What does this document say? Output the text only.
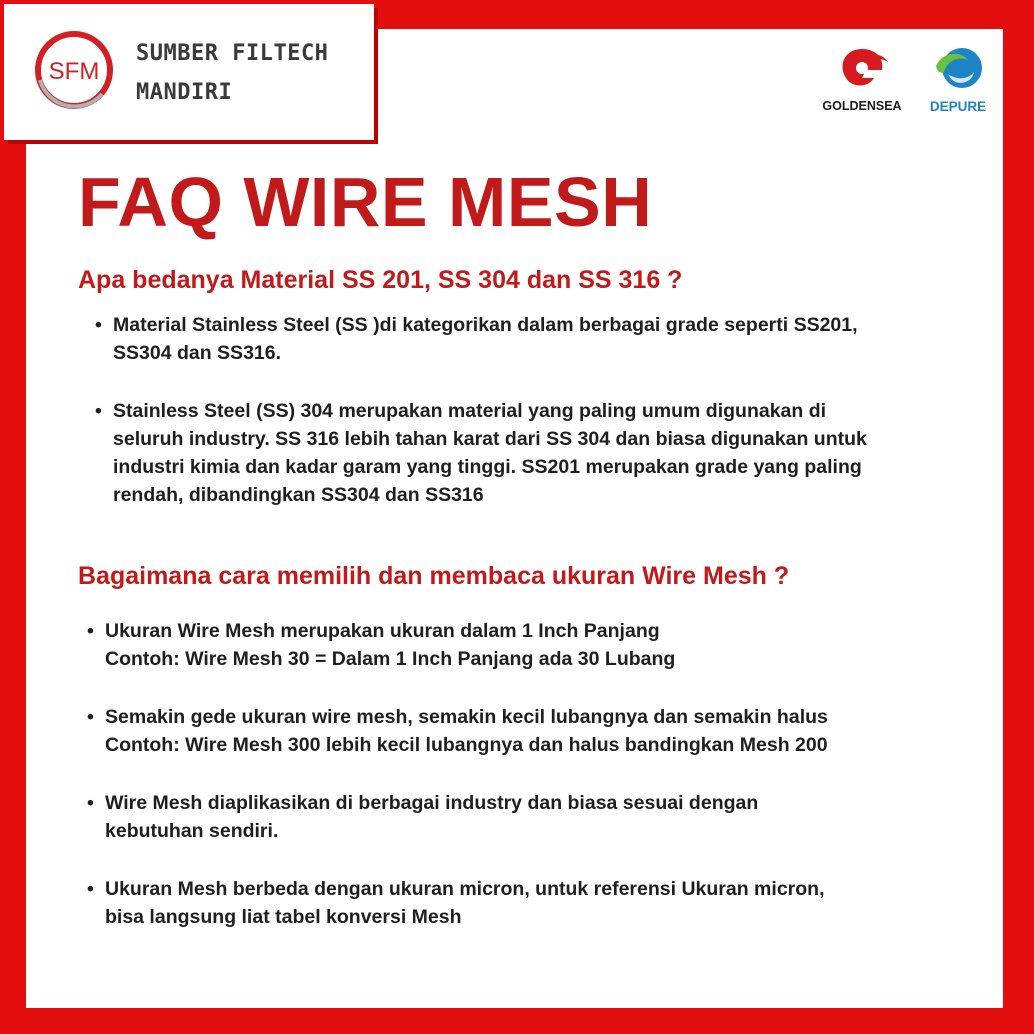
SFM
SUMBER FILTECH
MANDIRI
GOLDENSEA	DEPURE
FAQ WIRE MESH
Apa bedanya Material SS 201, SS 304 dan SS 316 ?
• Material Stainless Steel (SS )di kategorikan dalam berbagai grade seperti SS201,
SS304 dan SS316.
• Stainless Steel (SS) 304 merupakan material yang paling umum digunakan di
seluruh industry. SS 316 lebih tahan karat dari SS 304 dan biasa digunakan untuk
industri kimia dan kadar garam yang tinggi. SS201 merupakan grade yang paling
rendah, dibandingkan SS304 dan SS316
Bagaimana cara memilih dan membaca ukuran Wire Mesh ?
• Ukuran Wire Mesh merupakan ukuran dalam 1 Inch Panjang
Contoh: Wire Mesh 30 = Dalam 1 Inch Panjang ada 30 Lubang
• Semakin gede ukuran wire mesh, semakin kecil lubangnya dan semakin halus
Contoh: Wire Mesh 300 lebih kecil lubangnya dan halus bandingkan Mesh 200
• Wire Mesh diaplikasikan di berbagai industry dan biasa sesuai dengan
kebutuhan sendiri.
• Ukuran Mesh berbeda dengan ukuran micron, untuk referensi Ukuran micron,
bisa langsung liat tabel konversi Mesh
